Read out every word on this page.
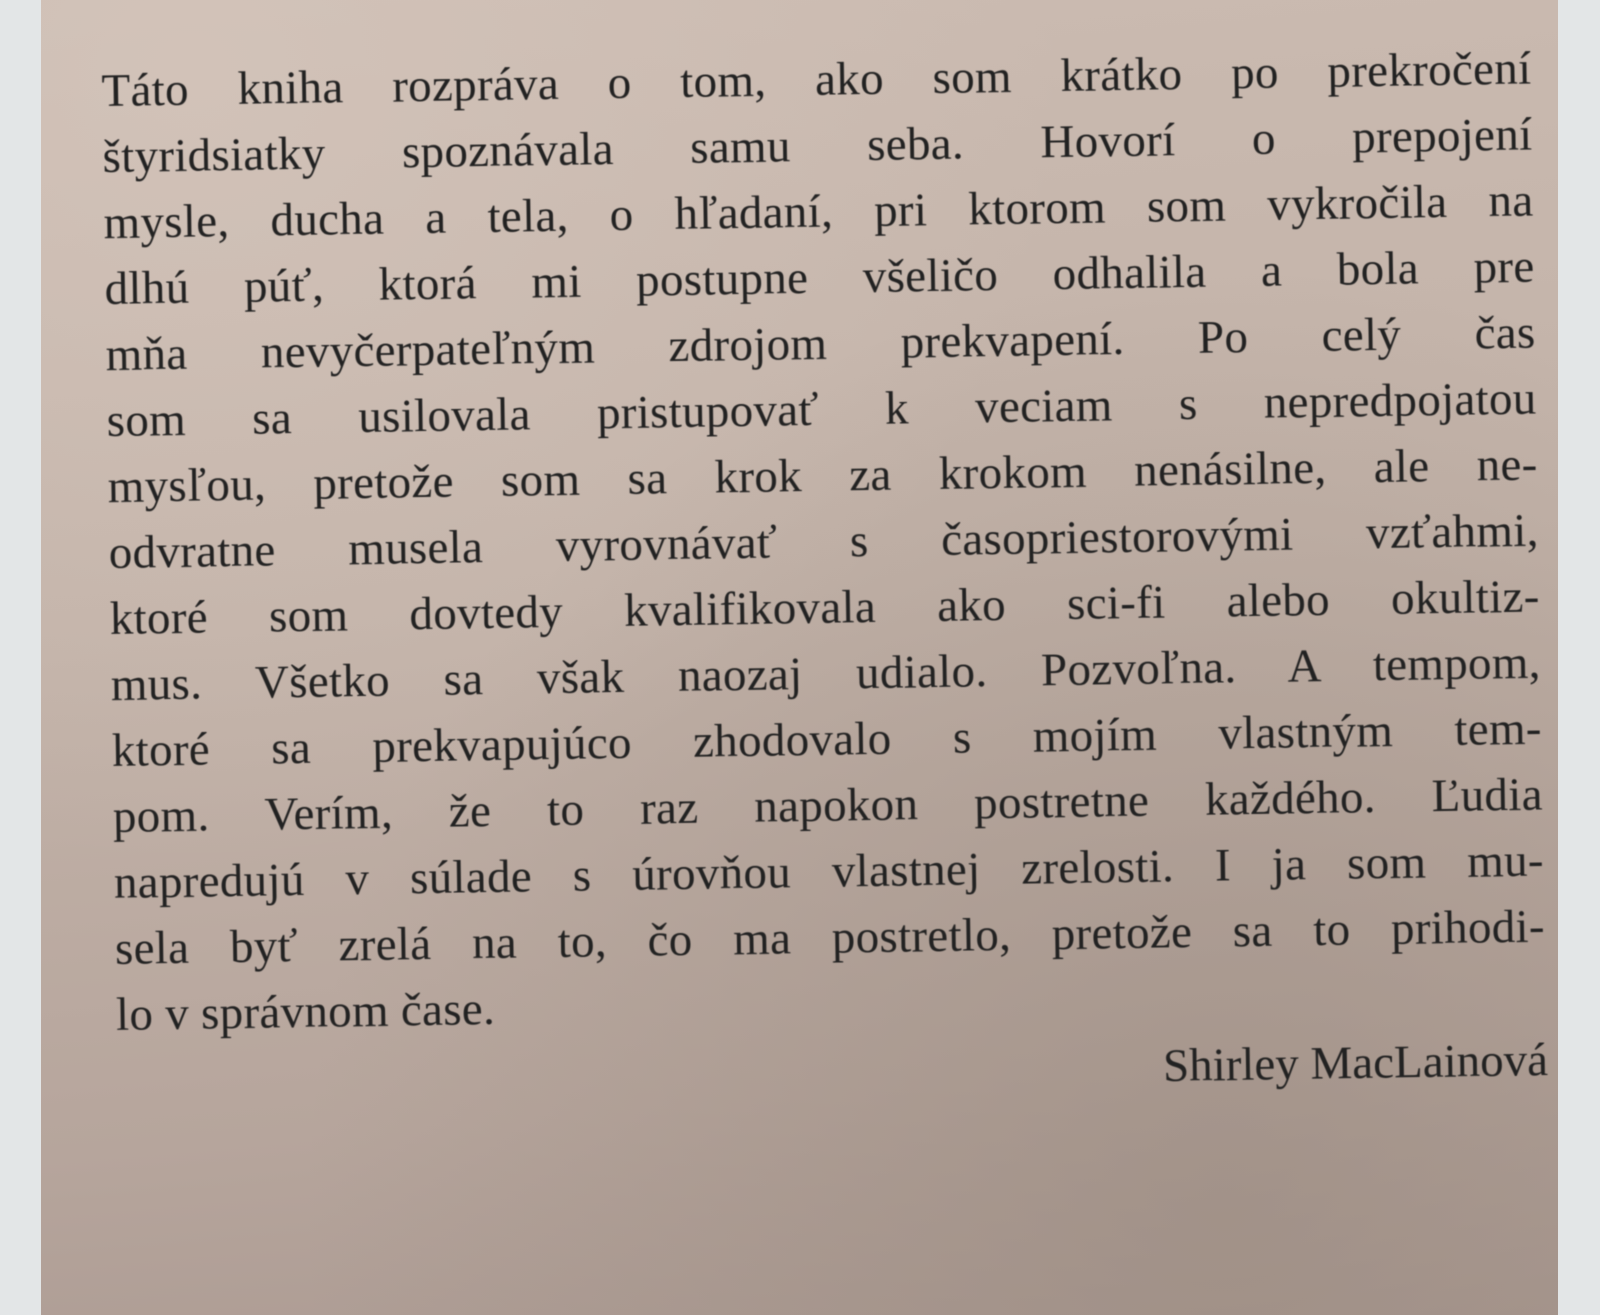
Táto kniha rozpráva o tom, ako som krátko po prekročení
štyridsiatky spoznávala samu seba. Hovorí o prepojení
mysle, ducha a tela, o hľadaní, pri ktorom som vykročila na
dlhú púť, ktorá mi postupne všeličo odhalila a bola pre
mňa nevyčerpateľným zdrojom prekvapení. Po celý čas
som sa usilovala pristupovať k veciam s nepredpojatou
mysľou, pretože som sa krok za krokom nenásilne, ale ne-
odvratne musela vyrovnávať s časopriestorovými vzťahmi,
ktoré som dovtedy kvalifikovala ako sci-fi alebo okultiz-
mus. Všetko sa však naozaj udialo. Pozvoľna. A tempom,
ktoré sa prekvapujúco zhodovalo s mojím vlastným tem-
pom. Verím, že to raz napokon postretne každého. Ľudia
napredujú v súlade s úrovňou vlastnej zrelosti. I ja som mu-
sela byť zrelá na to, čo ma postretlo, pretože sa to prihodi-
lo v správnom čase.
Shirley MacLainová
